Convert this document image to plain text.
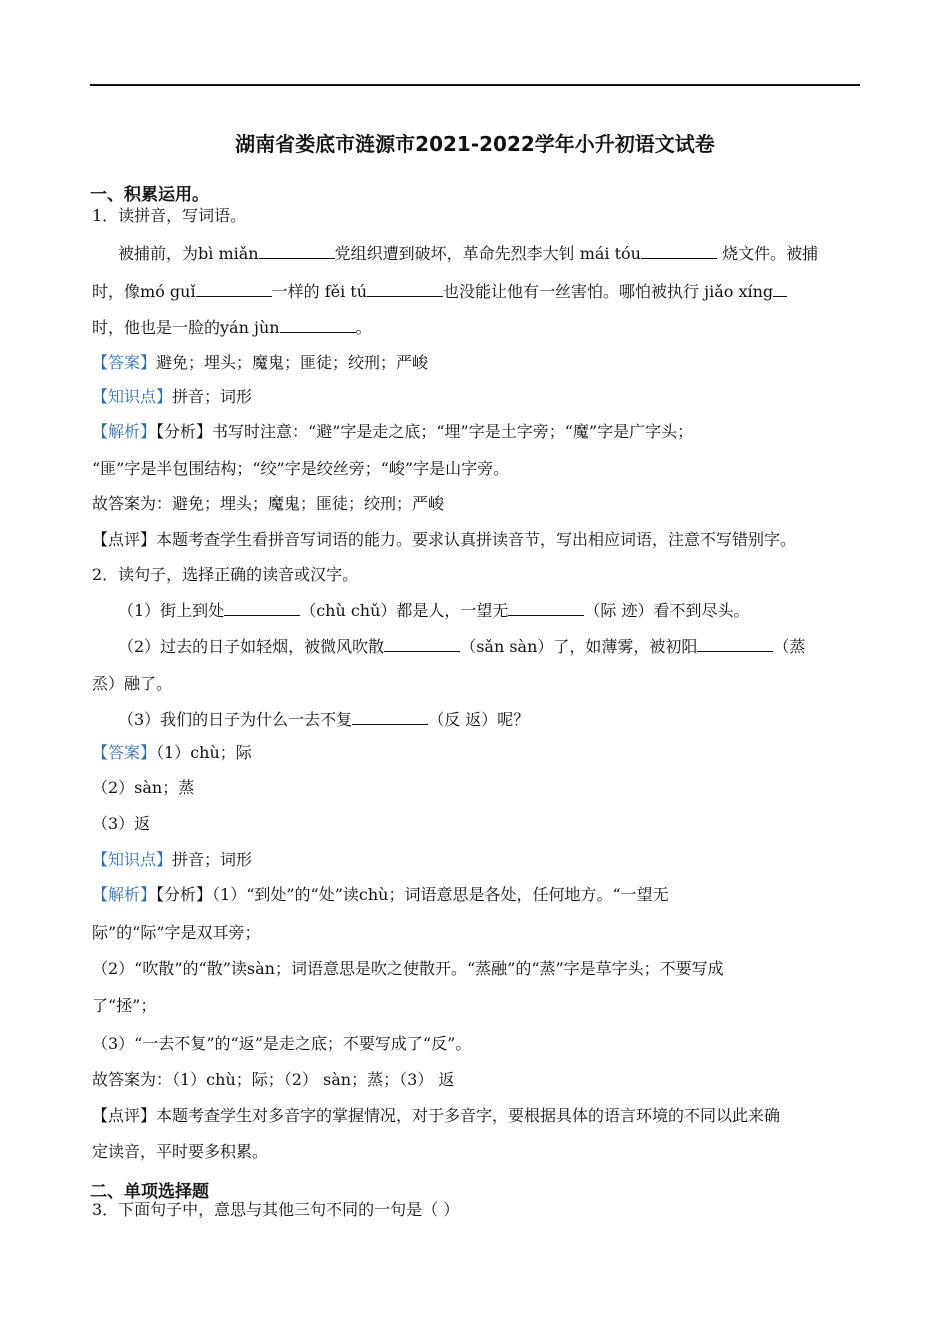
湖南省娄底市涟源市2021-2022学年小升初语文试卷
一、积累运用。
1．读拼音，写词语。
被捕前，为bì miǎn	党组织遭到破坏，革命先烈李大钊 mái tóu	烧文件。被捕
时，像mó guǐ	一样的 fěi tú	也没能让他有一丝害怕。哪怕被执行 jiǎo xíng
时，他也是一脸的yán jùn	。
【答案】避免；埋头；魔鬼；匪徒；绞刑；严峻
【知识点】拼音；词形
【解析】【分析】书写时注意：“避”字是走之底；“埋”字是土字旁；“魔”字是广字头；
“匪”字是半包围结构；“绞”字是绞丝旁；“峻”字是山字旁。
故答案为：避免；埋头；魔鬼；匪徒；绞刑；严峻
【点评】本题考查学生看拼音写词语的能力。要求认真拼读音节，写出相应词语，注意不写错别字。
2．读句子，选择正确的读音或汉字。
（1）街上到处	（chù chǔ）都是人，一望无	（际 迹）看不到尽头。
（2）过去的日子如轻烟，被微风吹散	（sǎn sàn）了，如薄雾，被初阳	（蒸
烝）融了。
（3）我们的日子为什么一去不复	（反 返）呢？
【答案】（1）chù；际
（2）sàn；蒸
（3）返
【知识点】拼音；词形
【解析】【分析】（1）“到处”的“处”读chù；词语意思是各处，任何地方。“一望无
际”的“际”字是双耳旁；
（2）“吹散”的“散”读sàn；词语意思是吹之使散开。“蒸融”的“蒸”字是草字头；不要写成
了“拯”；
（3）“一去不复”的“返”是走之底；不要写成了“反”。
故答案为：（1）chù；际；（2） sàn；蒸；（3） 返
【点评】本题考查学生对多音字的掌握情况，对于多音字，要根据具体的语言环境的不同以此来确
定读音，平时要多积累。
二、单项选择题
3．下面句子中，意思与其他三句不同的一句是（ ）
